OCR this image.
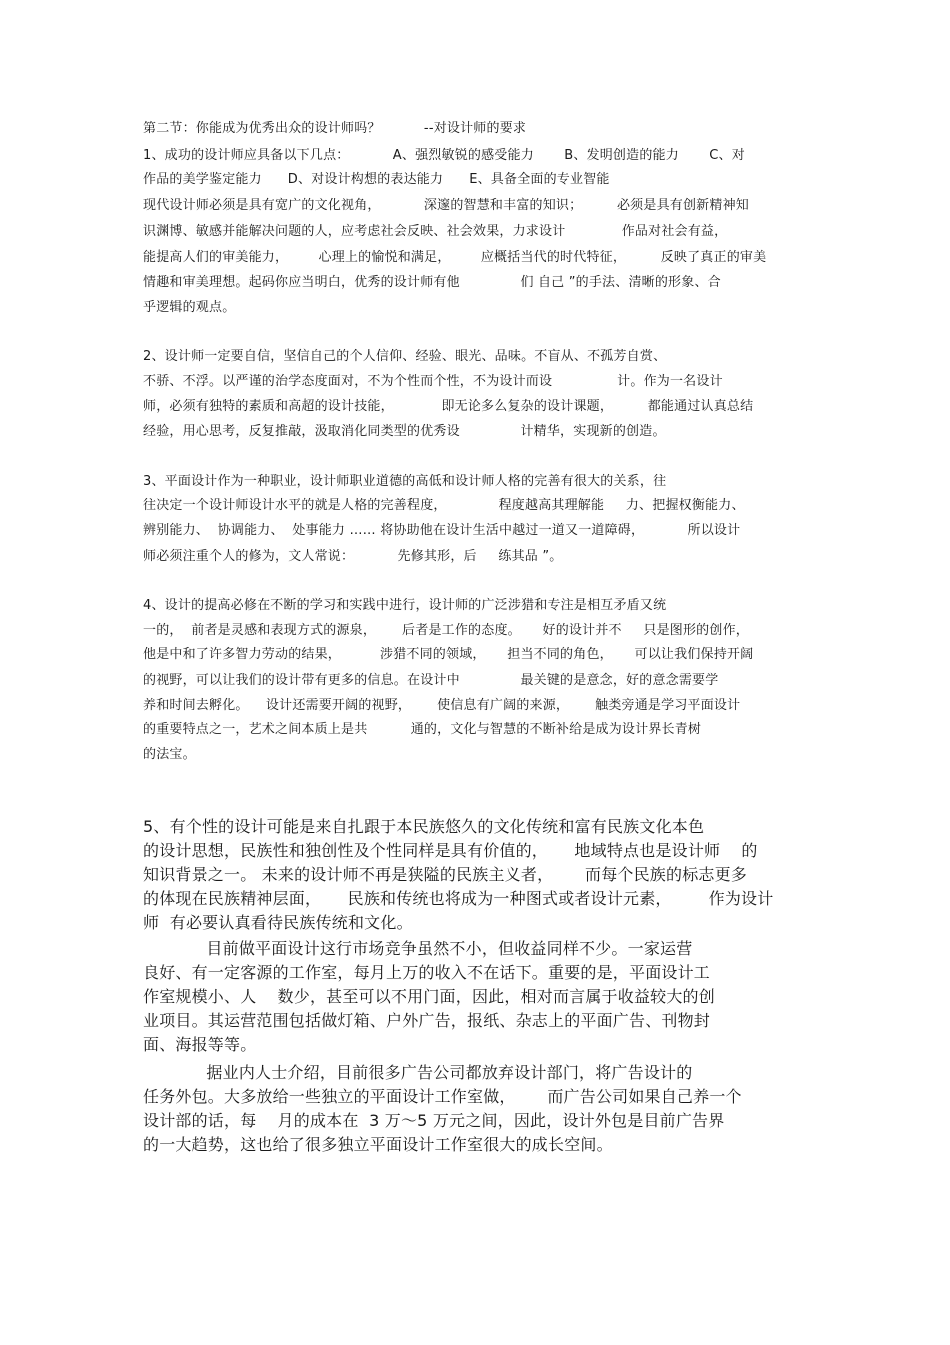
第二节：你能成为优秀出众的设计师吗？          --对设计师的要求
1、成功的设计师应具备以下几点：          A、强烈敏锐的感受能力       B、发明创造的能力       C、对
作品的美学鉴定能力      D、对设计构想的表达能力      E、具备全面的专业智能
现代设计师必须是具有宽广的文化视角，          深邃的智慧和丰富的知识；        必须是具有创新精神知
识渊博、敏感并能解决问题的人，应考虑社会反映、社会效果，力求设计             作品对社会有益，
能提高人们的审美能力，       心理上的愉悦和满足，       应概括当代的时代特征，        反映了真正的审美
情趣和审美理想。起码你应当明白，优秀的设计师有他              们 自己 ”的手法、清晰的形象、合
乎逻辑的观点。
2、设计师一定要自信，坚信自己的个人信仰、经验、眼光、品味。不盲从、不孤芳自赏、
不骄、不浮。以严谨的治学态度面对，不为个性而个性，不为设计而设               计。作为一名设计
师，必须有独特的素质和高超的设计技能，           即无论多么复杂的设计课题，        都能通过认真总结
经验，用心思考，反复推敲，汲取消化同类型的优秀设              计精华，实现新的创造。
3、平面设计作为一种职业，设计师职业道德的高低和设计师人格的完善有很大的关系，往
往决定一个设计师设计水平的就是人格的完善程度，            程度越高其理解能     力、把握权衡能力、
辨别能力、  协调能力、  处事能力 …… 将协助他在设计生活中越过一道又一道障碍，          所以设计
师必须注重个人的修为，文人常说：          先修其形，后     练其品 ”。
4、设计的提高必修在不断的学习和实践中进行，设计师的广泛涉猎和专注是相互矛盾又统
一的，  前者是灵感和表现方式的源泉，      后者是工作的态度。     好的设计并不     只是图形的创作，
他是中和了许多智力劳动的结果，         涉猎不同的领域，     担当不同的角色，     可以让我们保持开阔
的视野，可以让我们的设计带有更多的信息。在设计中              最关键的是意念，好的意念需要学
养和时间去孵化。    设计还需要开阔的视野，      使信息有广阔的来源，      触类旁通是学习平面设计
的重要特点之一，艺术之间本质上是共          通的，文化与智慧的不断补给是成为设计界长青树
的法宝。
5、有个性的设计可能是来自扎跟于本民族悠久的文化传统和富有民族文化本色
的设计思想，民族性和独创性及个性同样是具有价值的，     地域特点也是设计师    的
知识背景之一。 未来的设计师不再是狭隘的民族主义者，      而每个民族的标志更多
的体现在民族精神层面，     民族和传统也将成为一种图式或者设计元素，       作为设计
师  有必要认真看待民族传统和文化。
目前做平面设计这行市场竞争虽然不小，但收益同样不少。一家运营
良好、有一定客源的工作室，每月上万的收入不在话下。重要的是，平面设计工
作室规模小、人    数少，甚至可以不用门面，因此，相对而言属于收益较大的创
业项目。其运营范围包括做灯箱、户外广告，报纸、杂志上的平面广告、刊物封
面、海报等等。
据业内人士介绍，目前很多广告公司都放弃设计部门，将广告设计的
任务外包。大多放给一些独立的平面设计工作室做，      而广告公司如果自己养一个
设计部的话，每    月的成本在  3 万～5 万元之间，因此，设计外包是目前广告界
的一大趋势，这也给了很多独立平面设计工作室很大的成长空间。
